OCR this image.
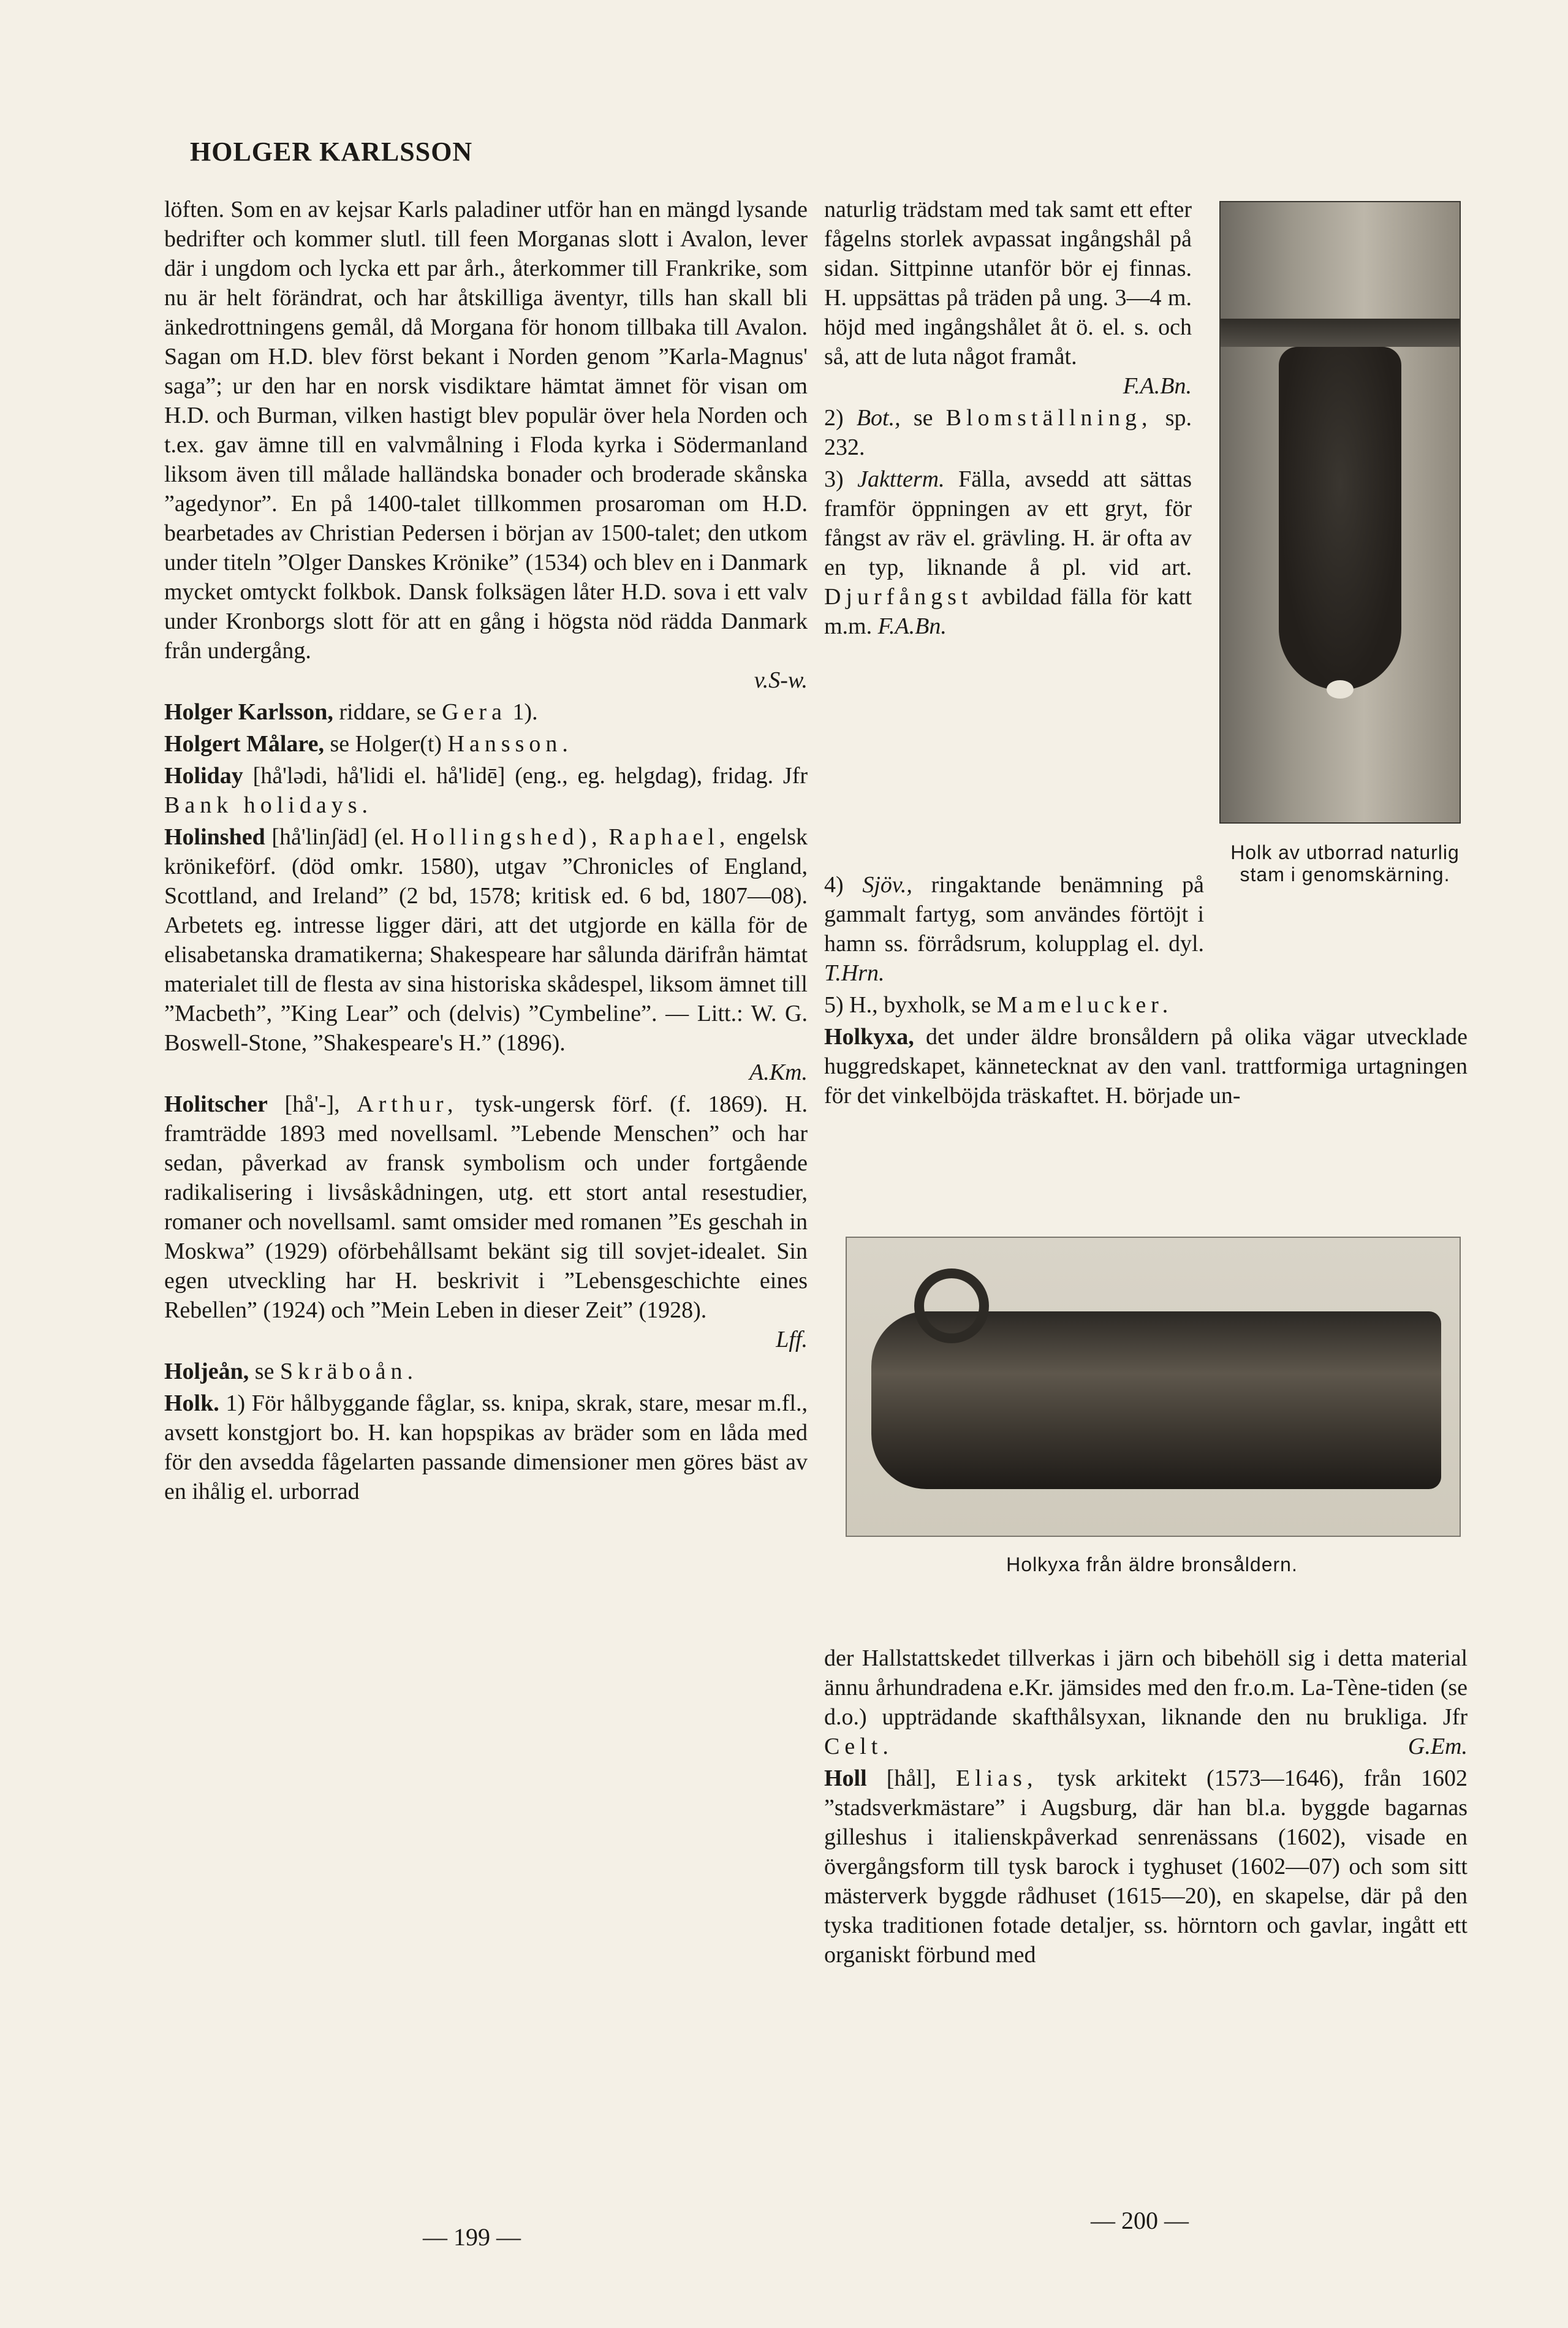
HOLGER KARLSSON

löften. Som en av kejsar Karls paladiner utför han en mängd lysande bedrifter och kommer slutl. till feen Morganas slott i Avalon, lever där i ungdom och lycka ett par årh., återkommer till Frankrike, som nu är helt förändrat, och har åtskilliga äventyr, tills han skall bli änkedrottningens gemål, då Morgana för honom tillbaka till Avalon. Sagan om H.D. blev först bekant i Norden genom ”Karla-Magnus' saga”; ur den har en norsk visdiktare hämtat ämnet för visan om H.D. och Burman, vilken hastigt blev populär över hela Norden och t.ex. gav ämne till en valvmålning i Floda kyrka i Södermanland liksom även till målade halländska bonader och broderade skånska ”agedynor”. En på 1400-talet tillkommen prosaroman om H.D. bearbetades av Christian Pedersen i början av 1500-talet; den utkom under titeln ”Olger Danskes Krönike” (1534) och blev en i Danmark mycket omtyckt folkbok. Dansk folksägen låter H.D. sova i ett valv under Kronborgs slott för att en gång i högsta nöd rädda Danmark från undergång.
v.S-w.

Holger Karlsson, riddare, se Gera 1).

Holgert Målare, se Holger(t) Hansson.

Holiday [hå'lədi, hå'lidi el. hå'lidē] (eng., eg. helgdag), fridag. Jfr Bank holidays.

Holinshed [hå'linʃäd] (el. Hollingshed), Raphael, engelsk krönikeförf. (död omkr. 1580), utgav ”Chronicles of England, Scottland, and Ireland” (2 bd, 1578; kritisk ed. 6 bd, 1807—08). Arbetets eg. intresse ligger däri, att det utgjorde en källa för de elisabetanska dramatikerna; Shakespeare har sålunda därifrån hämtat materialet till de flesta av sina historiska skådespel, liksom ämnet till ”Macbeth”, ”King Lear” och (delvis) ”Cymbeline”. — Litt.: W. G. Boswell-Stone, ”Shakespeare's H.” (1896).
A.Km.

Holitscher [hå'-], Arthur, tysk-ungersk förf. (f. 1869). H. framträdde 1893 med novellsaml. ”Lebende Menschen” och har sedan, påverkad av fransk symbolism och under fortgående radikalisering i livsåskådningen, utg. ett stort antal resestudier, romaner och novellsaml. samt omsider med romanen ”Es geschah in Moskwa” (1929) oförbehållsamt bekänt sig till sovjet-idealet. Sin egen utveckling har H. beskrivit i ”Lebensgeschichte eines Rebellen” (1924) och ”Mein Leben in dieser Zeit” (1928).
Lff.

Holjeån, se Skräboån.

Holk. 1) För hålbyggande fåglar, ss. knipa, skrak, stare, mesar m.fl., avsett konstgjort bo. H. kan hopspikas av bräder som en låda med för den avsedda fågelarten passande dimensioner men göres bäst av en ihålig el. urborrad

naturlig trädstam med tak samt ett efter fågelns storlek avpassat ingångshål på sidan. Sittpinne utanför bör ej finnas. H. uppsättas på träden på ung. 3—4 m. höjd med ingångshålet åt ö. el. s. och så, att de luta något framåt.
F.A.Bn.

2) Bot., se Blomställning, sp. 232.

3) Jaktterm. Fälla, avsedd att sättas framför öppningen av ett gryt, för fångst av räv el. grävling. H. är ofta av en typ, liknande å pl. vid art. Djurfångst avbildad fälla för katt m.m. F.A.Bn.

Holk av utborrad naturlig stam i genomskärning.

4) Sjöv., ringaktande benämning på gammalt fartyg, som användes förtöjt i hamn ss. förrådsrum, kolupplag el. dyl. T.Hrn.

5) H., byxholk, se Mamelucker.

Holkyxa, det under äldre bronsåldern på olika vägar utvecklade huggredskapet, kännetecknat av den vanl. trattformiga urtagningen för det vinkelböjda träskaftet. H. började un-

Holkyxa från äldre bronsåldern.

der Hallstattskedet tillverkas i järn och bibehöll sig i detta material ännu århundradena e.Kr. jämsides med den fr.o.m. La-Tène-tiden (se d.o.) uppträdande skafthålsyxan, liknande den nu brukliga. Jfr Celt.	G.Em.

Holl [hål], Elias, tysk arkitekt (1573—1646), från 1602 ”stadsverkmästare” i Augsburg, där han bl.a. byggde bagarnas gilleshus i italienskpåverkad senrenässans (1602), visade en övergångsform till tysk barock i tyghuset (1602—07) och som sitt mästerverk byggde rådhuset (1615—20), en skapelse, där på den tyska traditionen fotade detaljer, ss. hörntorn och gavlar, ingått ett organiskt förbund med

— 199 —
— 200 —
